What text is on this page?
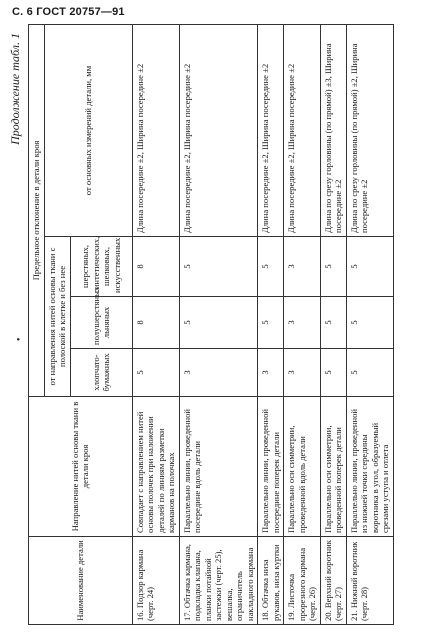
С. 6 ГОСТ 20757—91
Продолжение табл. 1
•
Наименование детали	Направление нитей основы ткани в детали кроя	Предельное отклонение в детали кроя			
		от направления нитей основы ткани с полоской в клетке и без нее			от основных измерений детали, мм
		хлопчато-бумажных	полушерстяных льняных	шерстяных, синтетических, шелковых, искусственных	
16. Подзор кармана (черт. 24)	Совпадает с направлением нитей основы полочек при наложении деталей по линиям разметки карманов на полочках	5	8	8	Длина посередине ±2, Ширина посередине ±2
17. Обтачка кармана, подкладка клапана, планки потайной застежки (черт. 25), вешалка, ограничитель накладного кармана	Параллельно линии, проведенной посередине вдоль детали	3	5	5	Длина посередине ±2, Ширина посередине ±2
18. Обтачка низа рукавов, низа куртки	Параллельно линии, проведенной посередине поперек детали	3	5	5	Длина посередине ±2, Ширина посередине ±2
19. Листочка прорезного кармана (черт. 26)	Параллельно оси симметрии, проведенной вдоль детали	3	3	3	Длина посередине ±2, Ширина посередине ±2
20. Верхний воротник (черт. 27)	Параллельно оси симметрии, проведенной поперек детали	5	5	5	Длина по срезу горловины (по прямой) ±3, Ширина посередине ±2
21. Нижний воротник (черт. 28)	Параллельно линии, проведенной из нижней точки середины воротника в угол, образуемый срезами уступа и отлета	5	5	5	Длина по срезу горловины (по прямой) ±2, Ширина посередине ±2
